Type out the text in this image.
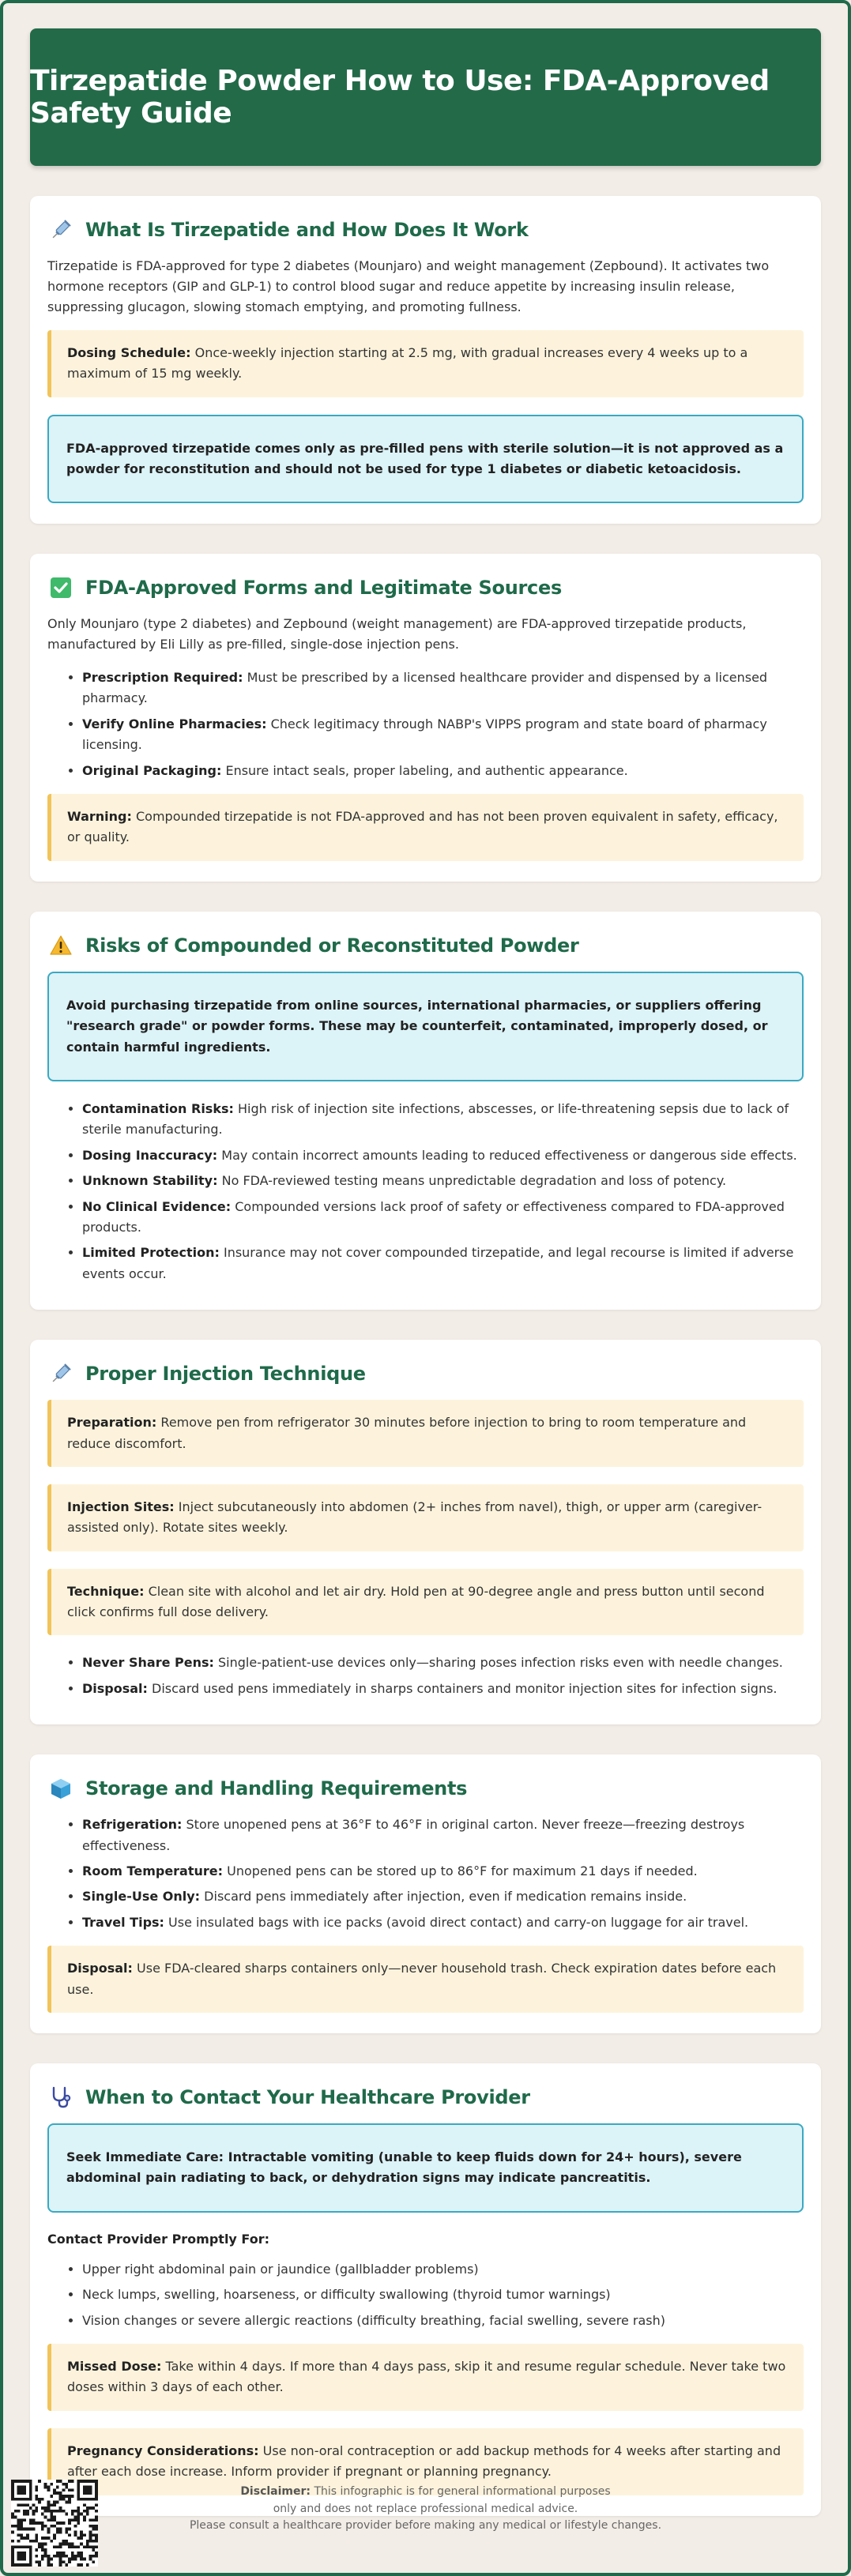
Tirzepatide Powder How to Use: FDA-Approved Safety Guide
What Is Tirzepatide and How Does It Work

Tirzepatide is FDA-approved for type 2 diabetes (Mounjaro) and weight management (Zepbound). It activates two hormone receptors (GIP and GLP-1) to control blood sugar and reduce appetite by increasing insulin release, suppressing glucagon, slowing stomach emptying, and promoting fullness.

Dosing Schedule: Once-weekly injection starting at 2.5 mg, with gradual increases every 4 weeks up to a maximum of 15 mg weekly.
FDA-approved tirzepatide comes only as pre-filled pens with sterile solution—it is not approved as a powder for reconstitution and should not be used for type 1 diabetes or diabetic ketoacidosis.
FDA-Approved Forms and Legitimate Sources

Only Mounjaro (type 2 diabetes) and Zepbound (weight management) are FDA-approved tirzepatide products, manufactured by Eli Lilly as pre-filled, single-dose injection pens.

• Prescription Required: Must be prescribed by a licensed healthcare provider and dispensed by a licensed pharmacy.
• Verify Online Pharmacies: Check legitimacy through NABP's VIPPS program and state board of pharmacy licensing.
• Original Packaging: Ensure intact seals, proper labeling, and authentic appearance.
Warning: Compounded tirzepatide is not FDA-approved and has not been proven equivalent in safety, efficacy, or quality.
Risks of Compounded or Reconstituted Powder
Avoid purchasing tirzepatide from online sources, international pharmacies, or suppliers offering "research grade" or powder forms. These may be counterfeit, contaminated, improperly dosed, or contain harmful ingredients.
• Contamination Risks: High risk of injection site infections, abscesses, or life-threatening sepsis due to lack of sterile manufacturing.
• Dosing Inaccuracy: May contain incorrect amounts leading to reduced effectiveness or dangerous side effects.
• Unknown Stability: No FDA-reviewed testing means unpredictable degradation and loss of potency.
• No Clinical Evidence: Compounded versions lack proof of safety or effectiveness compared to FDA-approved products.
• Limited Protection: Insurance may not cover compounded tirzepatide, and legal recourse is limited if adverse events occur.
Proper Injection Technique
Preparation: Remove pen from refrigerator 30 minutes before injection to bring to room temperature and reduce discomfort.
Injection Sites: Inject subcutaneously into abdomen (2+ inches from navel), thigh, or upper arm (caregiver-assisted only). Rotate sites weekly.
Technique: Clean site with alcohol and let air dry. Hold pen at 90-degree angle and press button until second click confirms full dose delivery.
• Never Share Pens: Single-patient-use devices only—sharing poses infection risks even with needle changes.
• Disposal: Discard used pens immediately in sharps containers and monitor injection sites for infection signs.
Storage and Handling Requirements
• Refrigeration: Store unopened pens at 36°F to 46°F in original carton. Never freeze—freezing destroys effectiveness.
• Room Temperature: Unopened pens can be stored up to 86°F for maximum 21 days if needed.
• Single-Use Only: Discard pens immediately after injection, even if medication remains inside.
• Travel Tips: Use insulated bags with ice packs (avoid direct contact) and carry-on luggage for air travel.
Disposal: Use FDA-cleared sharps containers only—never household trash. Check expiration dates before each use.
When to Contact Your Healthcare Provider
Seek Immediate Care: Intractable vomiting (unable to keep fluids down for 24+ hours), severe abdominal pain radiating to back, or dehydration signs may indicate pancreatitis.
Contact Provider Promptly For:
• Upper right abdominal pain or jaundice (gallbladder problems)
• Neck lumps, swelling, hoarseness, or difficulty swallowing (thyroid tumor warnings)
• Vision changes or severe allergic reactions (difficulty breathing, facial swelling, severe rash)
Missed Dose: Take within 4 days. If more than 4 days pass, skip it and resume regular schedule. Never take two doses within 3 days of each other.
Pregnancy Considerations: Use non-oral contraception or add backup methods for 4 weeks after starting and after each dose increase. Inform provider if pregnant or planning pregnancy.
Disclaimer: This infographic is for general informational purposes
only and does not replace professional medical advice.
Please consult a healthcare provider before making any medical or lifestyle changes.
